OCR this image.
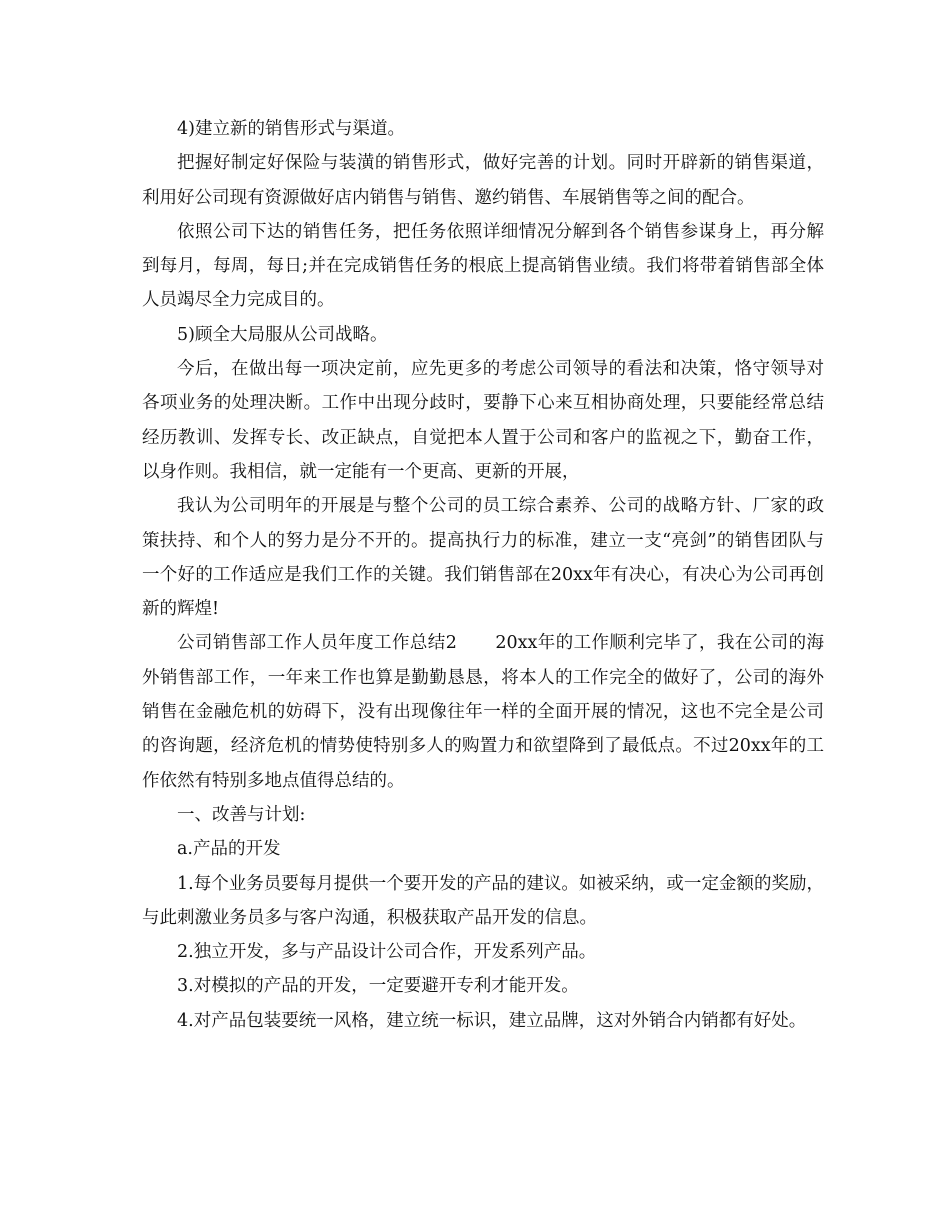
4)建立新的销售形式与渠道。

把握好制定好保险与装潢的销售形式，做好完善的计划。同时开辟新的销售渠道，利用好公司现有资源做好店内销售与销售、邀约销售、车展销售等之间的配合。

依照公司下达的销售任务，把任务依照详细情况分解到各个销售参谋身上，再分解到每月，每周，每日;并在完成销售任务的根底上提高销售业绩。我们将带着销售部全体人员竭尽全力完成目的。

5)顾全大局服从公司战略。

今后，在做出每一项决定前，应先更多的考虑公司领导的看法和决策，恪守领导对各项业务的处理决断。工作中出现分歧时，要静下心来互相协商处理，只要能经常总结经历教训、发挥专长、改正缺点，自觉把本人置于公司和客户的监视之下，勤奋工作，以身作则。我相信，就一定能有一个更高、更新的开展，

我认为公司明年的开展是与整个公司的员工综合素养、公司的战略方针、厂家的政策扶持、和个人的努力是分不开的。提高执行力的标准，建立一支“亮剑”的销售团队与一个好的工作适应是我们工作的关键。我们销售部在20xx年有决心，有决心为公司再创新的辉煌!

公司销售部工作人员年度工作总结2 20xx年的工作顺利完毕了，我在公司的海外销售部工作，一年来工作也算是勤勤恳恳，将本人的工作完全的做好了，公司的海外销售在金融危机的妨碍下，没有出现像往年一样的全面开展的情况，这也不完全是公司的咨询题，经济危机的情势使特别多人的购置力和欲望降到了最低点。不过20xx年的工作依然有特别多地点值得总结的。

一、改善与计划:

a.产品的开发

1.每个业务员要每月提供一个要开发的产品的建议。如被采纳，或一定金额的奖励，与此刺激业务员多与客户沟通，积极获取产品开发的信息。

2.独立开发，多与产品设计公司合作，开发系列产品。

3.对模拟的产品的开发，一定要避开专利才能开发。

4.对产品包装要统一风格，建立统一标识，建立品牌，这对外销合内销都有好处。
